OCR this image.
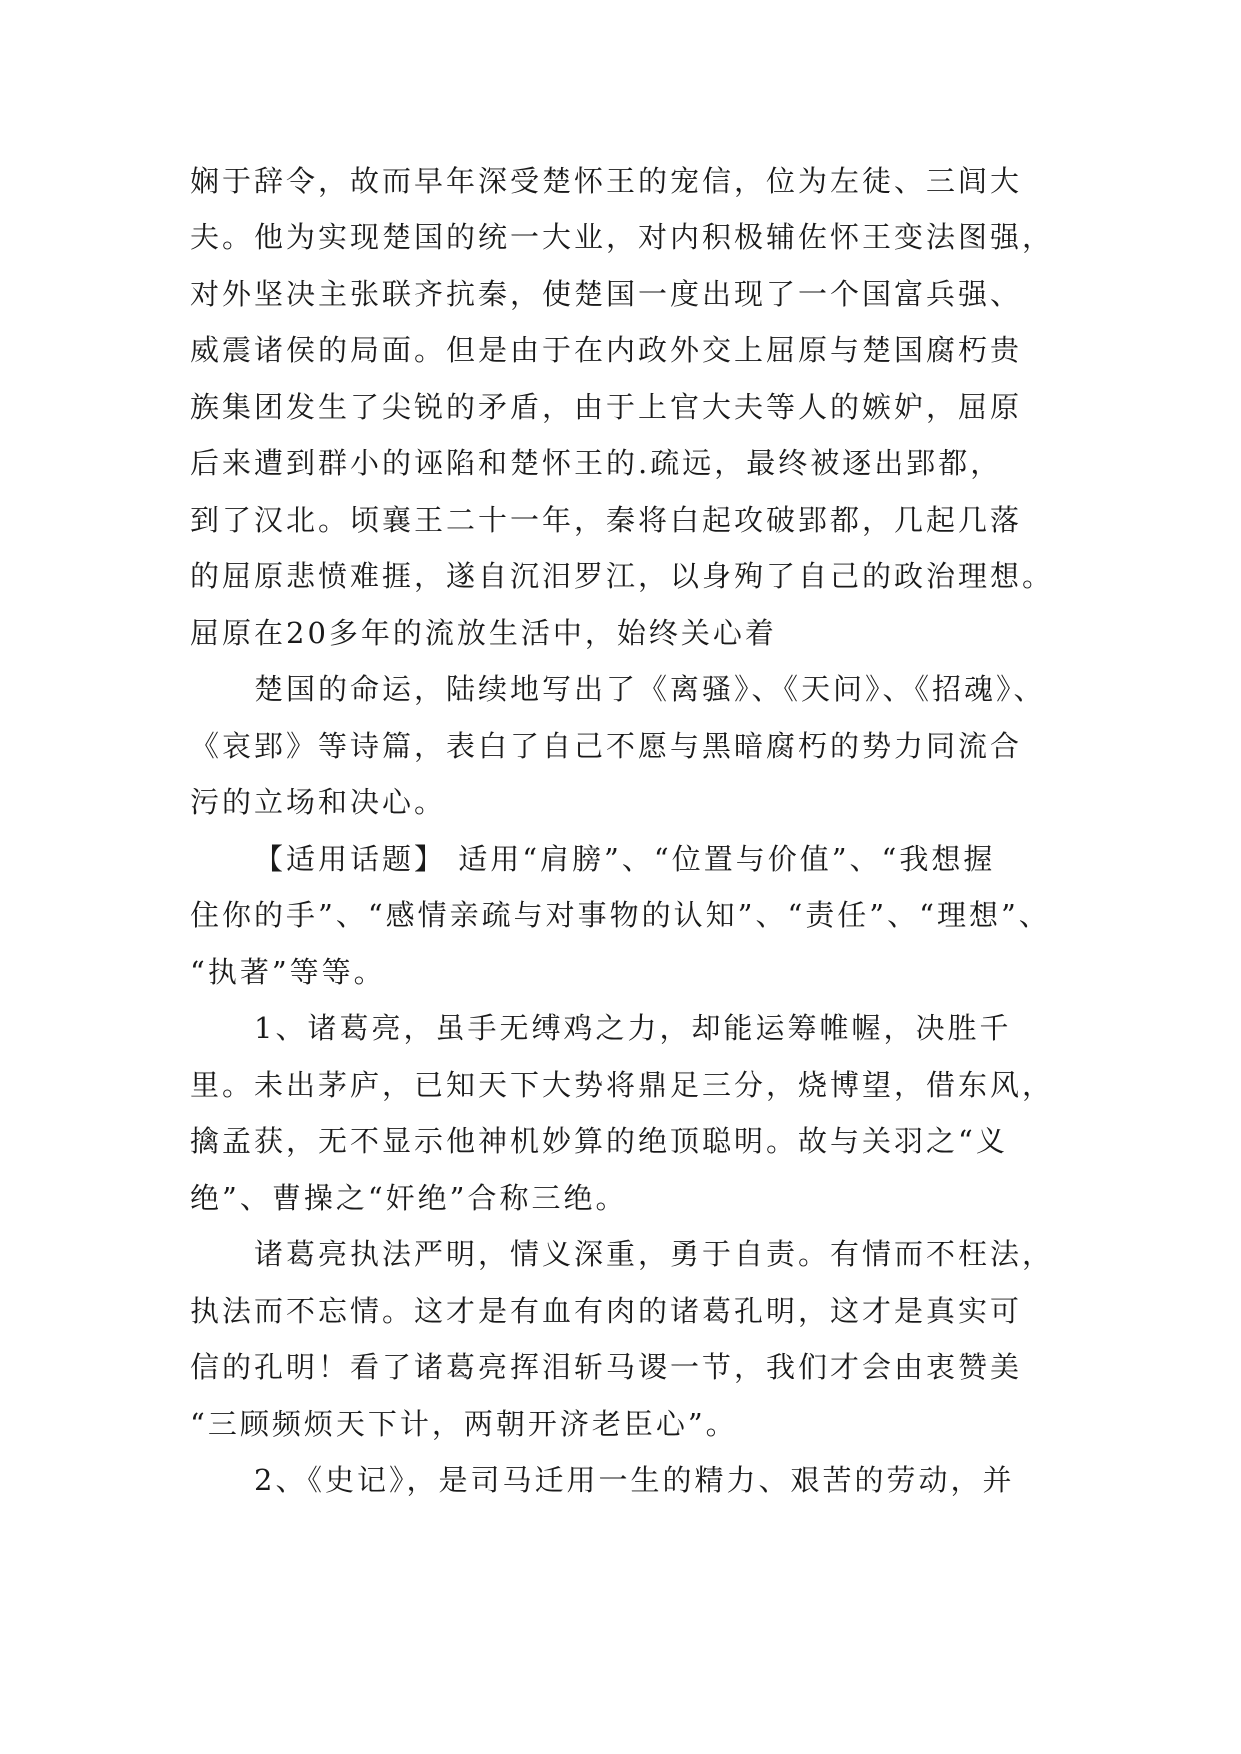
娴于辞令，故而早年深受楚怀王的宠信，位为左徒、三闾大
夫。他为实现楚国的统一大业，对内积极辅佐怀王变法图强，
对外坚决主张联齐抗秦，使楚国一度出现了一个国富兵强、
威震诸侯的局面。但是由于在内政外交上屈原与楚国腐朽贵
族集团发生了尖锐的矛盾，由于上官大夫等人的嫉妒，屈原
后来遭到群小的诬陷和楚怀王的.疏远，最终被逐出郢都，
到了汉北。顷襄王二十一年，秦将白起攻破郢都，几起几落
的屈原悲愤难捱，遂自沉汨罗江，以身殉了自己的政治理想。
屈原在20多年的流放生活中，始终关心着
楚国的命运，陆续地写出了《离骚》、《天问》、《招魂》、
《哀郢》等诗篇，表白了自己不愿与黑暗腐朽的势力同流合
污的立场和决心。
【适用话题】 适用“肩膀”、“位置与价值”、“我想握
住你的手”、“感情亲疏与对事物的认知”、“责任”、“理想”、
“执著”等等。
1、诸葛亮，虽手无缚鸡之力，却能运筹帷幄，决胜千
里。未出茅庐，已知天下大势将鼎足三分，烧博望，借东风，
擒孟获，无不显示他神机妙算的绝顶聪明。故与关羽之“义
绝”、曹操之“奸绝”合称三绝。
诸葛亮执法严明，情义深重，勇于自责。有情而不枉法，
执法而不忘情。这才是有血有肉的诸葛孔明，这才是真实可
信的孔明！看了诸葛亮挥泪斩马谡一节，我们才会由衷赞美
“三顾频烦天下计，两朝开济老臣心”。
2、《史记》，是司马迁用一生的精力、艰苦的劳动，并
